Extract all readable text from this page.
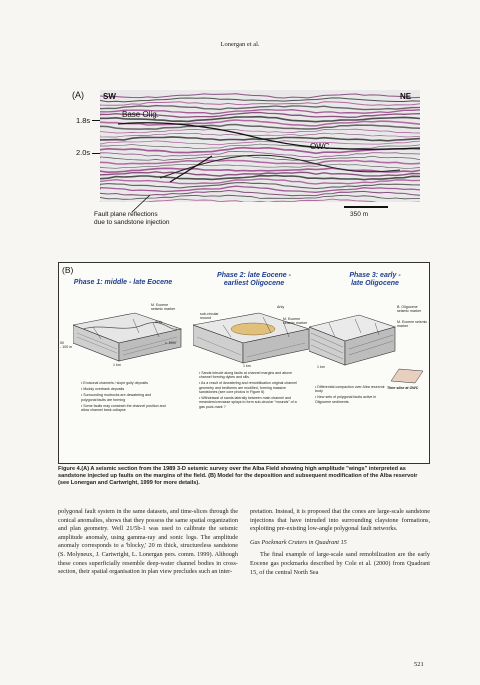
Lonergan et al.
(A)
1.8s
2.0s
SW	NE
Base Olig.
OWC
Fault plane reflections
due to sandstone injection
350 m
(B)
Phase 1: middle - late Eocene
Phase 2: late Eocene -
earliest Oligocene
Phase 3: early -
late Oligocene
M. Eocene
seismic marker
Arky
c. 50m
50
- 100 m
1 km
sub-circular
mound	M. Eocene
seismic marker
Arky
1 km
B. Oligocene
seismic marker
M. Eocene seismic
marker
1 km
Time slice at OWC
• Erosional channels / slope gully deposits
• Muddy overbank deposits
• Surrounding mudrocks are dewatering and polygonal faults are forming
• Some faults may constrain the channel position and allow channel bank collapse
• Sands intrude along faults at channel margins and above channel forming dykes and sills.
• As a result of dewatering and remobilisation original channel geometry and bedforms are modified, forming massive sandstones (see core photos in Figure 6)
• Withdrawal of sands laterally between main channel and meanders/crevasse splays to form sub-circular "mounds" of a gas pock-mark ?
• Differential compaction over Alba reservoir body
• New sets of polygonal faults active in Oligocene sediments.
Figure 4.(A) A seismic section from the 1989 3-D seismic survey over the Alba Field showing high amplitude "wings" interpreted as sandstone injected up faults on the margins of the field. (B) Model for the deposition and subsequent modification of the Alba reservoir (see Lonergan and Cartwright, 1999 for more details).

polygonal fault system in the same datasets, and time-slices through the conical anomalies, shows that they possess the same spatial organization and plan geometry. Well 21/5b-1 was used to calibrate the seismic amplitude anomaly, using gamma-ray and sonic logs. The amplitude anomaly corresponds to a 'blocky,' 20 m thick, structureless sandstone (S. Molyneux, J. Cartwright, L. Lonergan pers. comm. 1999). Although these cones superficially resemble deep-water channel bodies in cross-section, their spatial organisation in plan view precludes such an inter-

pretation. Instead, it is proposed that the cones are large-scale sandstone injections that have intruded into surrounding claystone formations, exploiting pre-existing low-angle polygonal fault networks.

Gas Pockmark Craters in Quadrant 15

The final example of large-scale sand remobilization are the early Eocene gas pockmarks described by Cole et al. (2000) from Quadrant 15, of the central North Sea

521
